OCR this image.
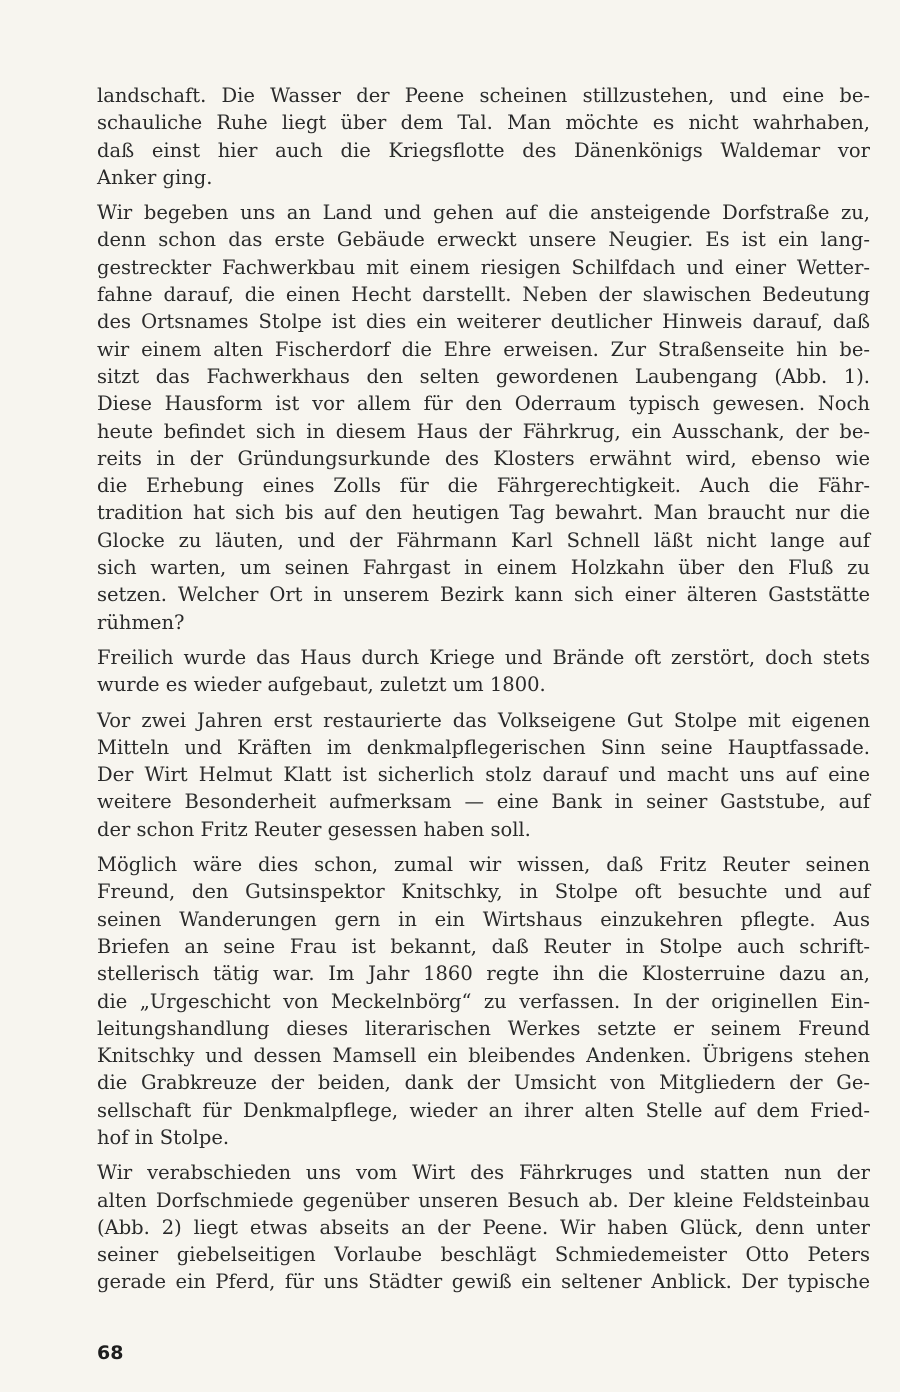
landschaft. Die Wasser der Peene scheinen stillzustehen, und eine be-
schauliche Ruhe liegt über dem Tal. Man möchte es nicht wahrhaben,
daß einst hier auch die Kriegsflotte des Dänenkönigs Waldemar vor
Anker ging.
Wir begeben uns an Land und gehen auf die ansteigende Dorfstraße zu,
denn schon das erste Gebäude erweckt unsere Neugier. Es ist ein lang-
gestreckter Fachwerkbau mit einem riesigen Schilfdach und einer Wetter-
fahne darauf, die einen Hecht darstellt. Neben der slawischen Bedeutung
des Ortsnames Stolpe ist dies ein weiterer deutlicher Hinweis darauf, daß
wir einem alten Fischerdorf die Ehre erweisen. Zur Straßenseite hin be-
sitzt das Fachwerkhaus den selten gewordenen Laubengang (Abb. 1).
Diese Hausform ist vor allem für den Oderraum typisch gewesen. Noch
heute befindet sich in diesem Haus der Fährkrug, ein Ausschank, der be-
reits in der Gründungsurkunde des Klosters erwähnt wird, ebenso wie
die Erhebung eines Zolls für die Fährgerechtigkeit. Auch die Fähr-
tradition hat sich bis auf den heutigen Tag bewahrt. Man braucht nur die
Glocke zu läuten, und der Fährmann Karl Schnell läßt nicht lange auf
sich warten, um seinen Fahrgast in einem Holzkahn über den Fluß zu
setzen. Welcher Ort in unserem Bezirk kann sich einer älteren Gaststätte
rühmen?
Freilich wurde das Haus durch Kriege und Brände oft zerstört, doch stets
wurde es wieder aufgebaut, zuletzt um 1800.
Vor zwei Jahren erst restaurierte das Volkseigene Gut Stolpe mit eigenen
Mitteln und Kräften im denkmalpflegerischen Sinn seine Hauptfassade.
Der Wirt Helmut Klatt ist sicherlich stolz darauf und macht uns auf eine
weitere Besonderheit aufmerksam — eine Bank in seiner Gaststube, auf
der schon Fritz Reuter gesessen haben soll.
Möglich wäre dies schon, zumal wir wissen, daß Fritz Reuter seinen
Freund, den Gutsinspektor Knitschky, in Stolpe oft besuchte und auf
seinen Wanderungen gern in ein Wirtshaus einzukehren pflegte. Aus
Briefen an seine Frau ist bekannt, daß Reuter in Stolpe auch schrift-
stellerisch tätig war. Im Jahr 1860 regte ihn die Klosterruine dazu an,
die „Urgeschicht von Meckelnbörg“ zu verfassen. In der originellen Ein-
leitungshandlung dieses literarischen Werkes setzte er seinem Freund
Knitschky und dessen Mamsell ein bleibendes Andenken. Übrigens stehen
die Grabkreuze der beiden, dank der Umsicht von Mitgliedern der Ge-
sellschaft für Denkmalpflege, wieder an ihrer alten Stelle auf dem Fried-
hof in Stolpe.
Wir verabschieden uns vom Wirt des Fährkruges und statten nun der
alten Dorfschmiede gegenüber unseren Besuch ab. Der kleine Feldsteinbau
(Abb. 2) liegt etwas abseits an der Peene. Wir haben Glück, denn unter
seiner giebelseitigen Vorlaube beschlägt Schmiedemeister Otto Peters
gerade ein Pferd, für uns Städter gewiß ein seltener Anblick. Der typische
68
